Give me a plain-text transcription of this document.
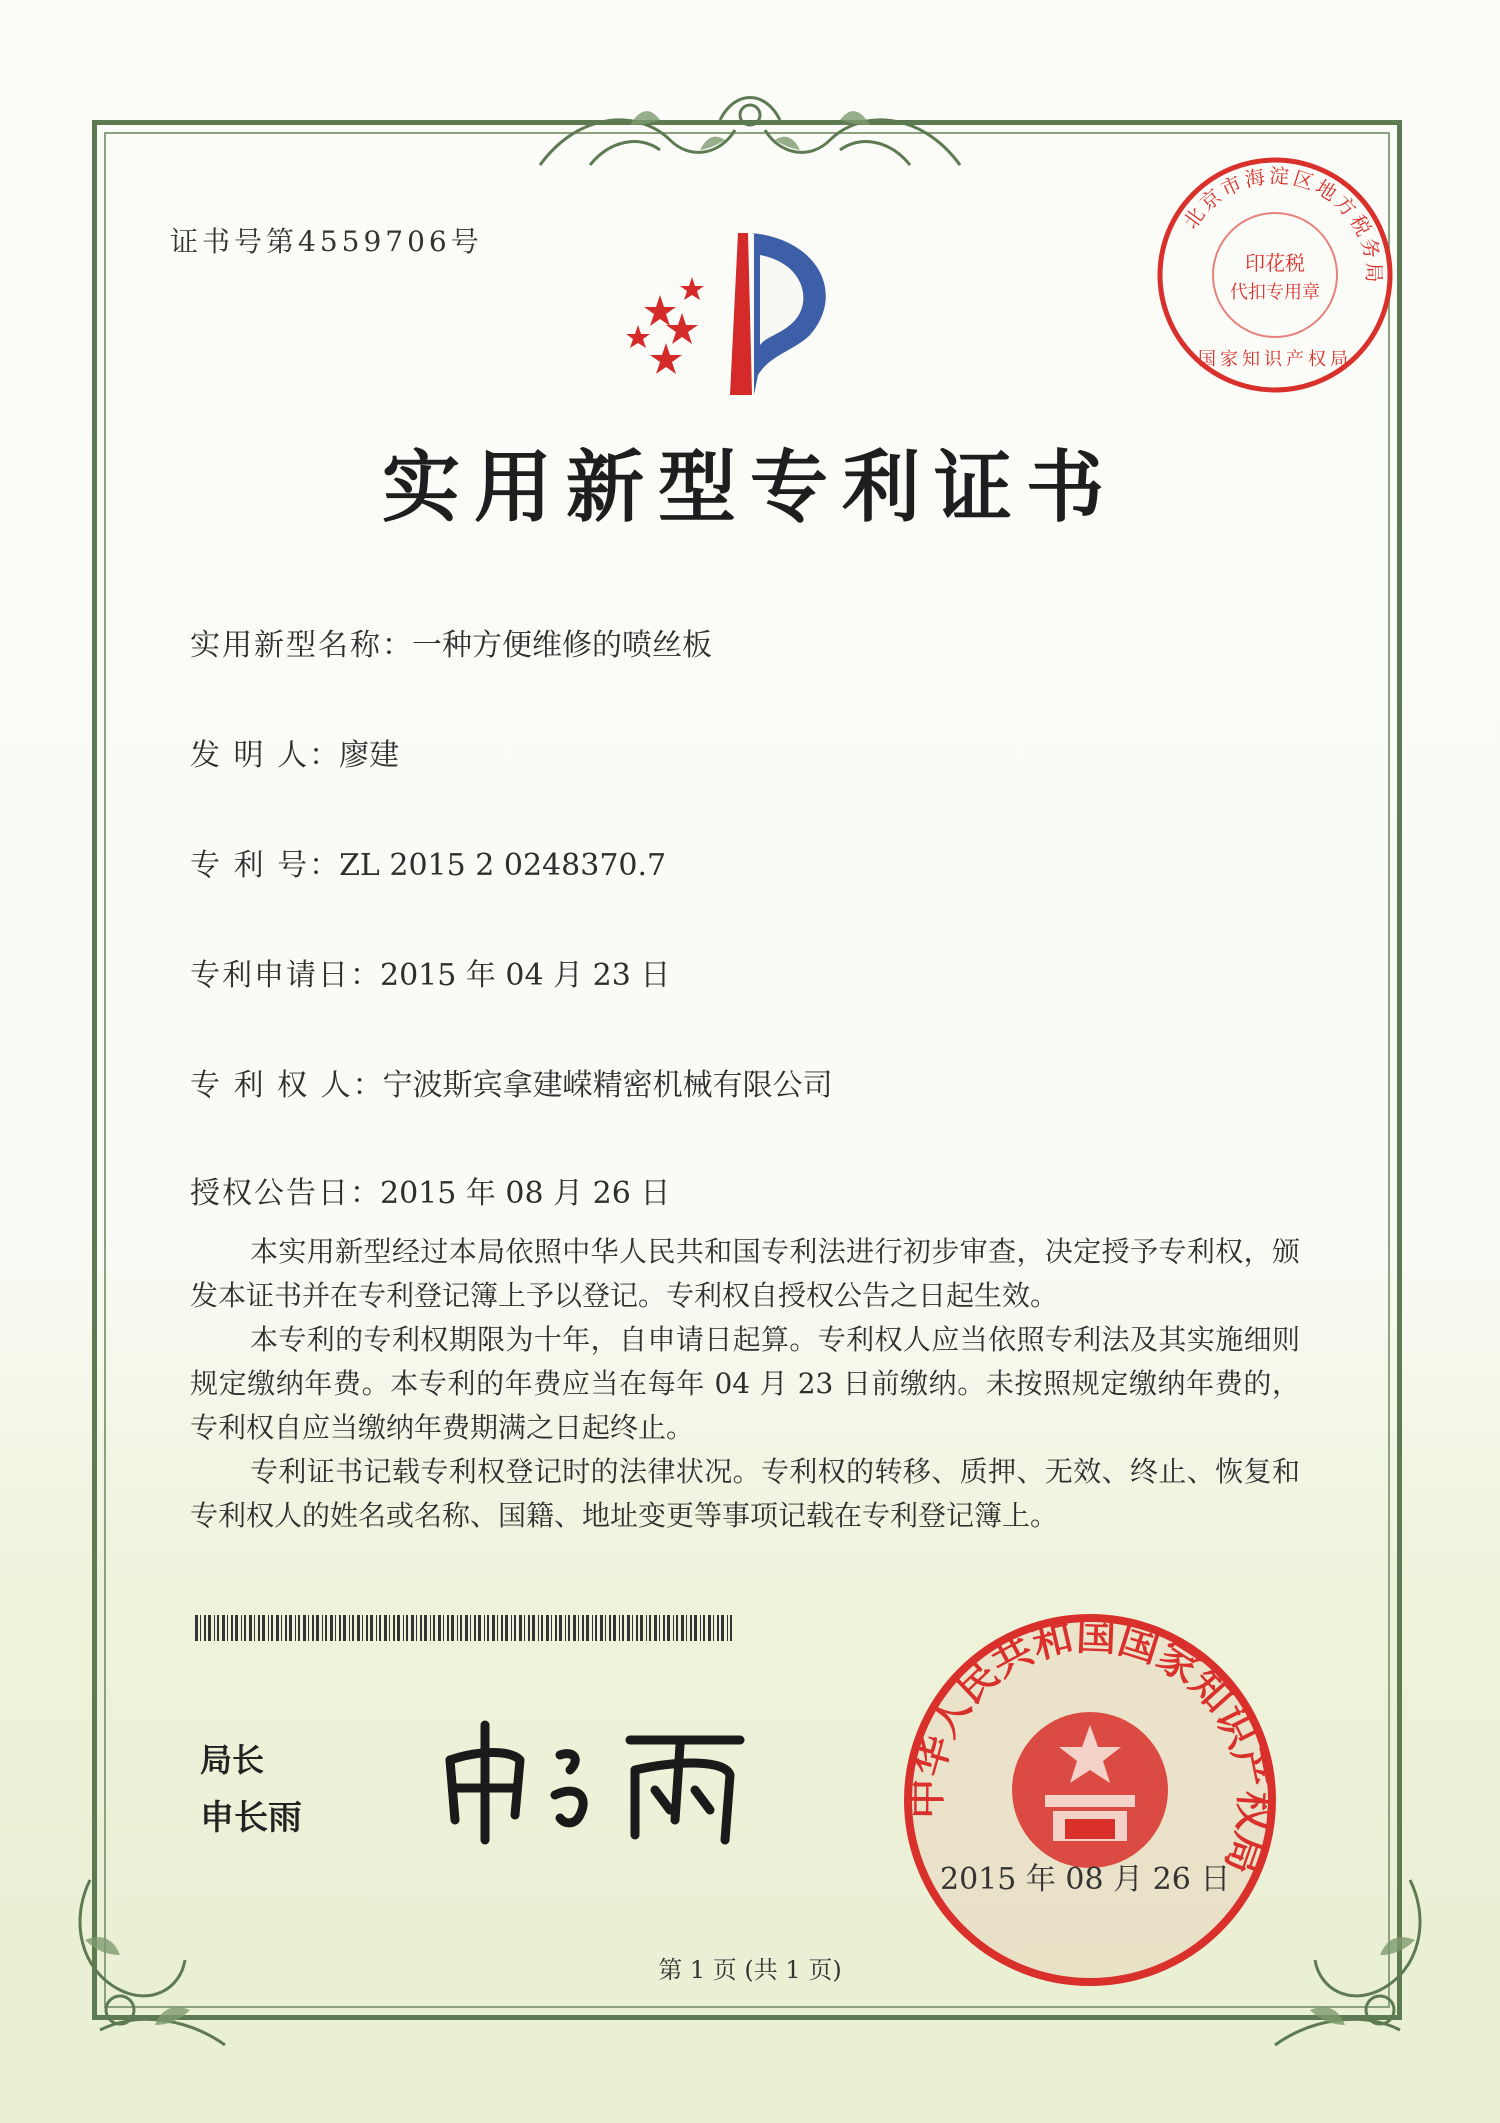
证书号第4559706号
实用新型专利证书
实用新型名称：一种方便维修的喷丝板
发 明 人：廖建
专 利 号：ZL 2015 2 0248370.7
专利申请日：2015 年 04 月 23 日
专 利 权 人：宁波斯宾拿建嵘精密机械有限公司
授权公告日：2015 年 08 月 26 日

本实用新型经过本局依照中华人民共和国专利法进行初步审查，决定授予专利权，颁发本证书并在专利登记簿上予以登记。专利权自授权公告之日起生效。

本专利的专利权期限为十年，自申请日起算。专利权人应当依照专利法及其实施细则规定缴纳年费。本专利的年费应当在每年 04 月 23 日前缴纳。未按照规定缴纳年费的，专利权自应当缴纳年费期满之日起终止。

专利证书记载专利权登记时的法律状况。专利权的转移、质押、无效、终止、恢复和专利权人的姓名或名称、国籍、地址变更等事项记载在专利登记簿上。

局长
申长雨
北京市海淀区地方税务局
国家知识产权局
印花税
代扣专用章
中华人民共和国国家知识产权局
2015 年 08 月 26 日
第 1 页 (共 1 页)
